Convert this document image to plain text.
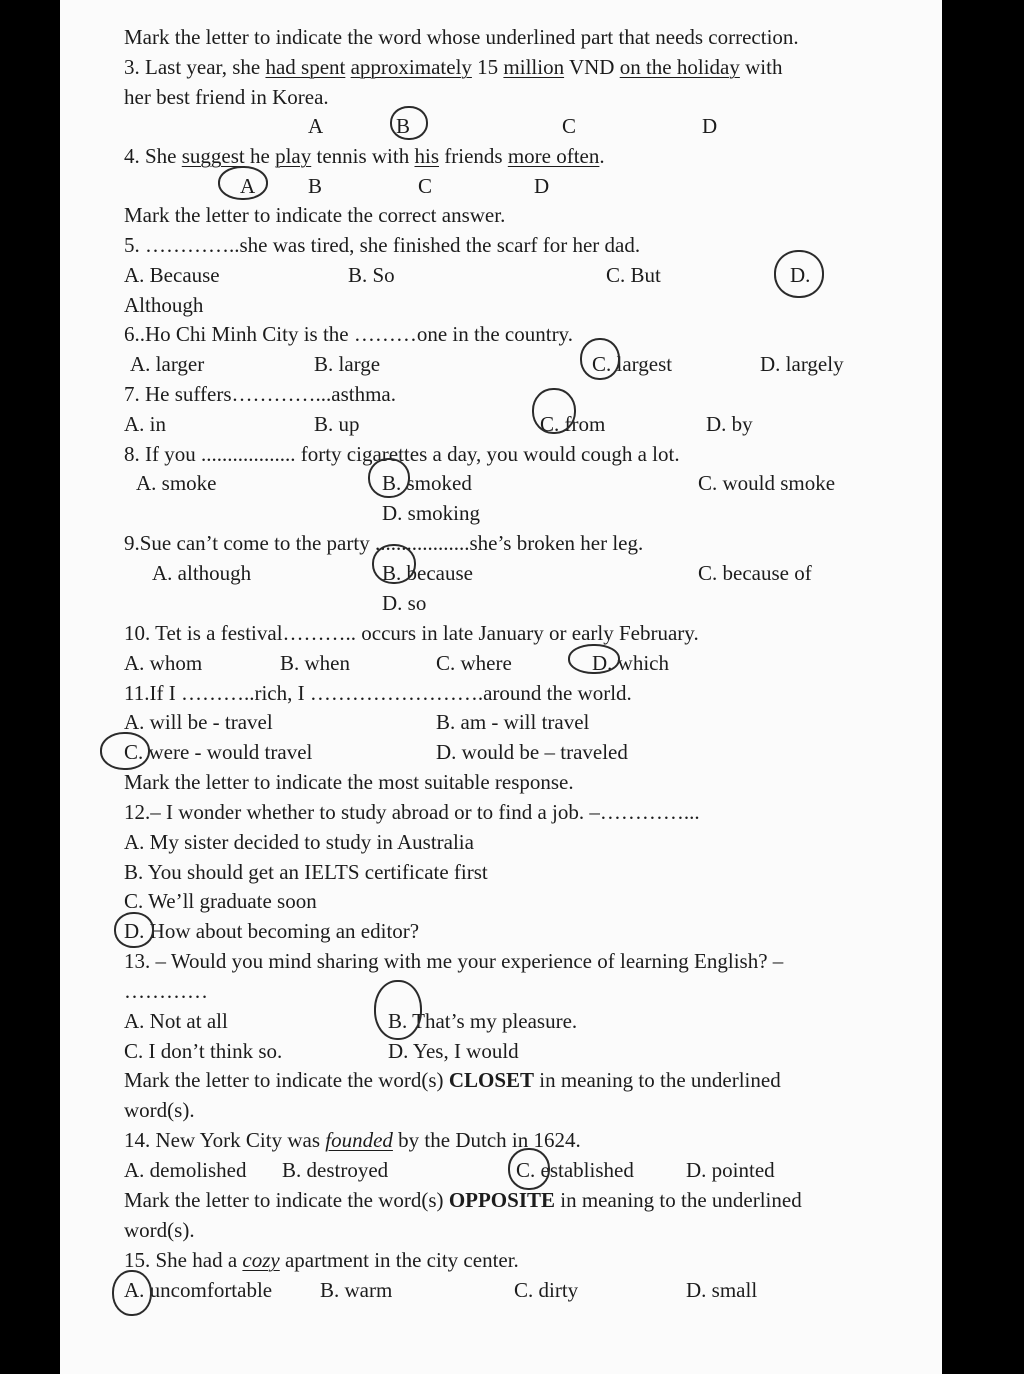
Mark the letter to indicate the word whose underlined part that needs correction.
3. Last year, she had spent approximately 15 million VND on the holiday with
her best friend in Korea.
A	B	C	D
4. She suggest he play tennis with his friends more often.
A	B	C	D
Mark the letter to indicate the correct answer.
5. …………..she was tired, she finished the scarf for her dad.
A. Because	B. So	C. But	D.
Although
6..Ho Chi Minh City is the ………one in the country.
A. larger	B. large	C. largest	D. largely
7. He suffers…………...asthma.
A. in	B. up	C. from	D. by
8. If you .................. forty cigarettes a day, you would cough a lot.
A. smoke	B. smoked	C. would smoke
D. smoking
9.Sue can’t come to the party ..................she’s broken her leg.
A. although	B. because	C. because of
D. so
10. Tet is a festival……….. occurs in late January or early February.
A. whom	B. when	C. where	D. which
11.If I ………..rich, I …………………….around the world.
A. will be - travel	B. am - will travel
C. were - would travel	D. would be – traveled
Mark the letter to indicate the most suitable response.
12.– I wonder whether to study abroad or to find a job. –…………...
A. My sister decided to study in Australia
B. You should get an IELTS certificate first
C. We’ll graduate soon
D. How about becoming an editor?
13. – Would you mind sharing with me your experience of learning English? –
…………
A. Not at all	B. That’s my pleasure.
C. I don’t think so.	D. Yes, I would
Mark the letter to indicate the word(s) CLOSET in meaning to the underlined
word(s).
14. New York City was founded by the Dutch in 1624.
A. demolished B. destroyed	C. established D. pointed
Mark the letter to indicate the word(s) OPPOSITE in meaning to the underlined
word(s).
15. She had a cozy apartment in the city center.
A. uncomfortable B. warm	C. dirty	D. small
